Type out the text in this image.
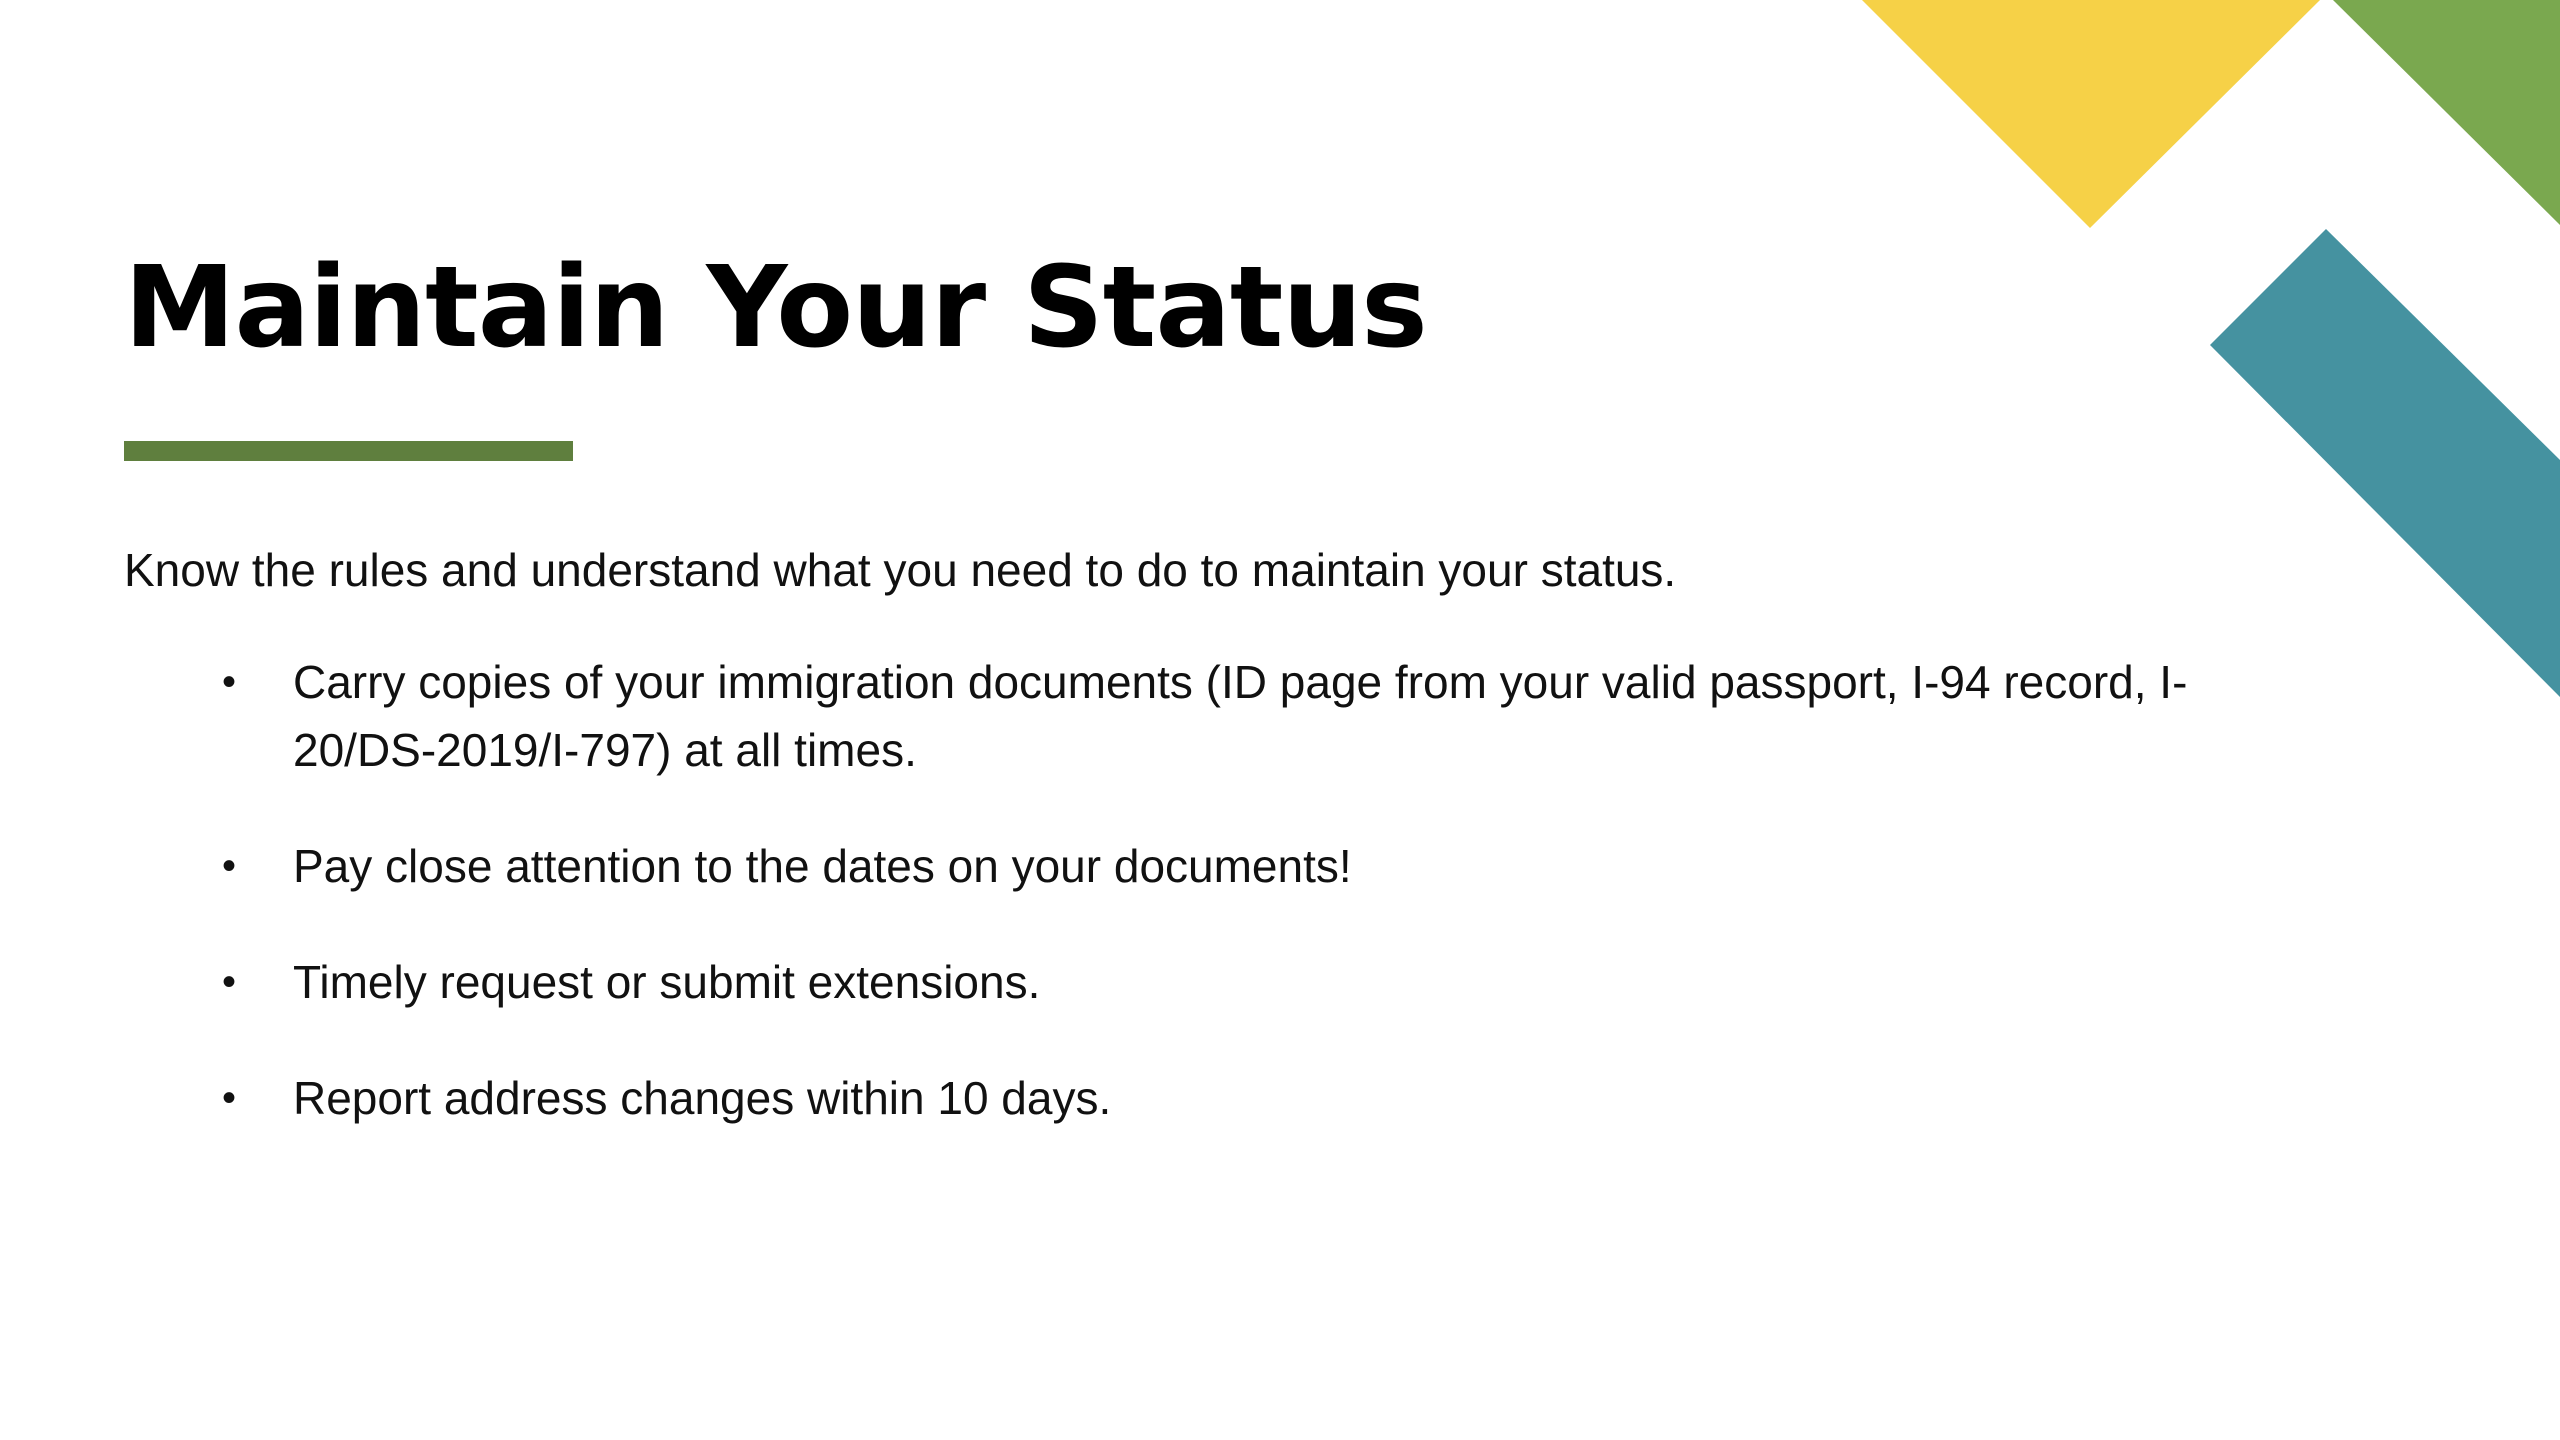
Maintain Your Status

Know the rules and understand what you need to do to maintain your status.

• Carry copies of your immigration documents (ID page from your valid passport, I-94 record, I-20/DS-2019/I-797) at all times.
• Pay close attention to the dates on your documents!
• Timely request or submit extensions.
• Report address changes within 10 days.
